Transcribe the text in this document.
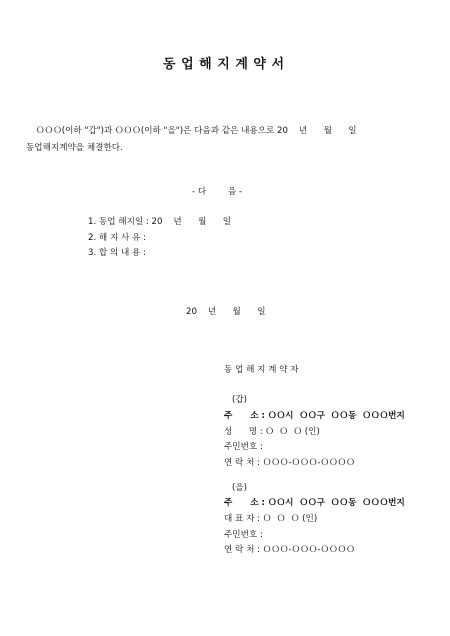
동 업 해 지 계 약 서
ＯＯＯ(이하 "갑")과 ＯＯＯ(이하 "을")은 다음과 같은 내용으로 20    년      월      일
동업해지계약을 체결한다.
- 다        음 -
1. 동업 해지일 : 20    년      월      일
2. 해 지 사 유 :
3. 합 의 내 용 :
20    년      월      일
동 업 해 지 계 약 자
(갑)
주      소 : ＯＯ시  ＯＯ구  ＯＯ동  ＯＯＯ번지
성      명 : Ｏ  Ｏ  Ｏ (인)
주민번호 :
연 락 처 : ＯＯＯ-ＯＯＯ-ＯＯＯＯ
(을)
주      소 : ＯＯ시  ＯＯ구  ＯＯ동  ＯＯＯ번지
대 표 자 : Ｏ  Ｏ  Ｏ (인)
주민번호 :
연 락 처 : ＯＯＯ-ＯＯＯ-ＯＯＯＯ
